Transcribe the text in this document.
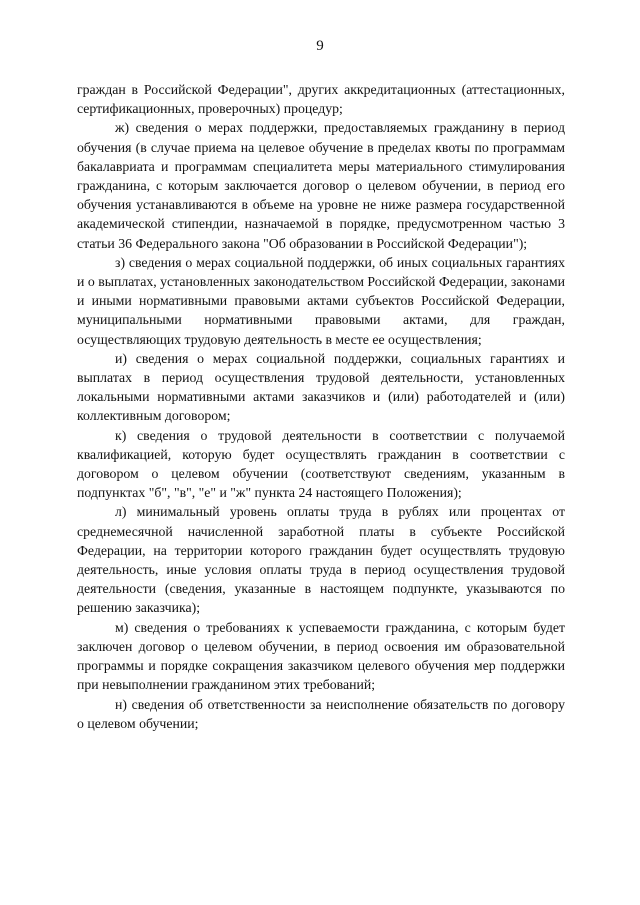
9

граждан в Российской Федерации", других аккредитационных (аттестационных, сертификационных, проверочных) процедур;

ж) сведения о мерах поддержки, предоставляемых гражданину в период обучения (в случае приема на целевое обучение в пределах квоты по программам бакалавриата и программам специалитета меры материального стимулирования гражданина, с которым заключается договор о целевом обучении, в период его обучения устанавливаются в объеме на уровне не ниже размера государственной академической стипендии, назначаемой в порядке, предусмотренном частью 3 статьи 36 Федерального закона "Об образовании в Российской Федерации");

з) сведения о мерах социальной поддержки, об иных социальных гарантиях и о выплатах, установленных законодательством Российской Федерации, законами и иными нормативными правовыми актами субъектов Российской Федерации, муниципальными нормативными правовыми актами, для граждан, осуществляющих трудовую деятельность в месте ее осуществления;

и) сведения о мерах социальной поддержки, социальных гарантиях и выплатах в период осуществления трудовой деятельности, установленных локальными нормативными актами заказчиков и (или) работодателей и (или) коллективным договором;

к) сведения о трудовой деятельности в соответствии с получаемой квалификацией, которую будет осуществлять гражданин в соответствии с договором о целевом обучении (соответствуют сведениям, указанным в подпунктах "б", "в", "е" и "ж" пункта 24 настоящего Положения);

л) минимальный уровень оплаты труда в рублях или процентах от среднемесячной начисленной заработной платы в субъекте Российской Федерации, на территории которого гражданин будет осуществлять трудовую деятельность, иные условия оплаты труда в период осуществления трудовой деятельности (сведения, указанные в настоящем подпункте, указываются по решению заказчика);

м) сведения о требованиях к успеваемости гражданина, с которым будет заключен договор о целевом обучении, в период освоения им образовательной программы и порядке сокращения заказчиком целевого обучения мер поддержки при невыполнении гражданином этих требований;

н) сведения об ответственности за неисполнение обязательств по договору о целевом обучении;
